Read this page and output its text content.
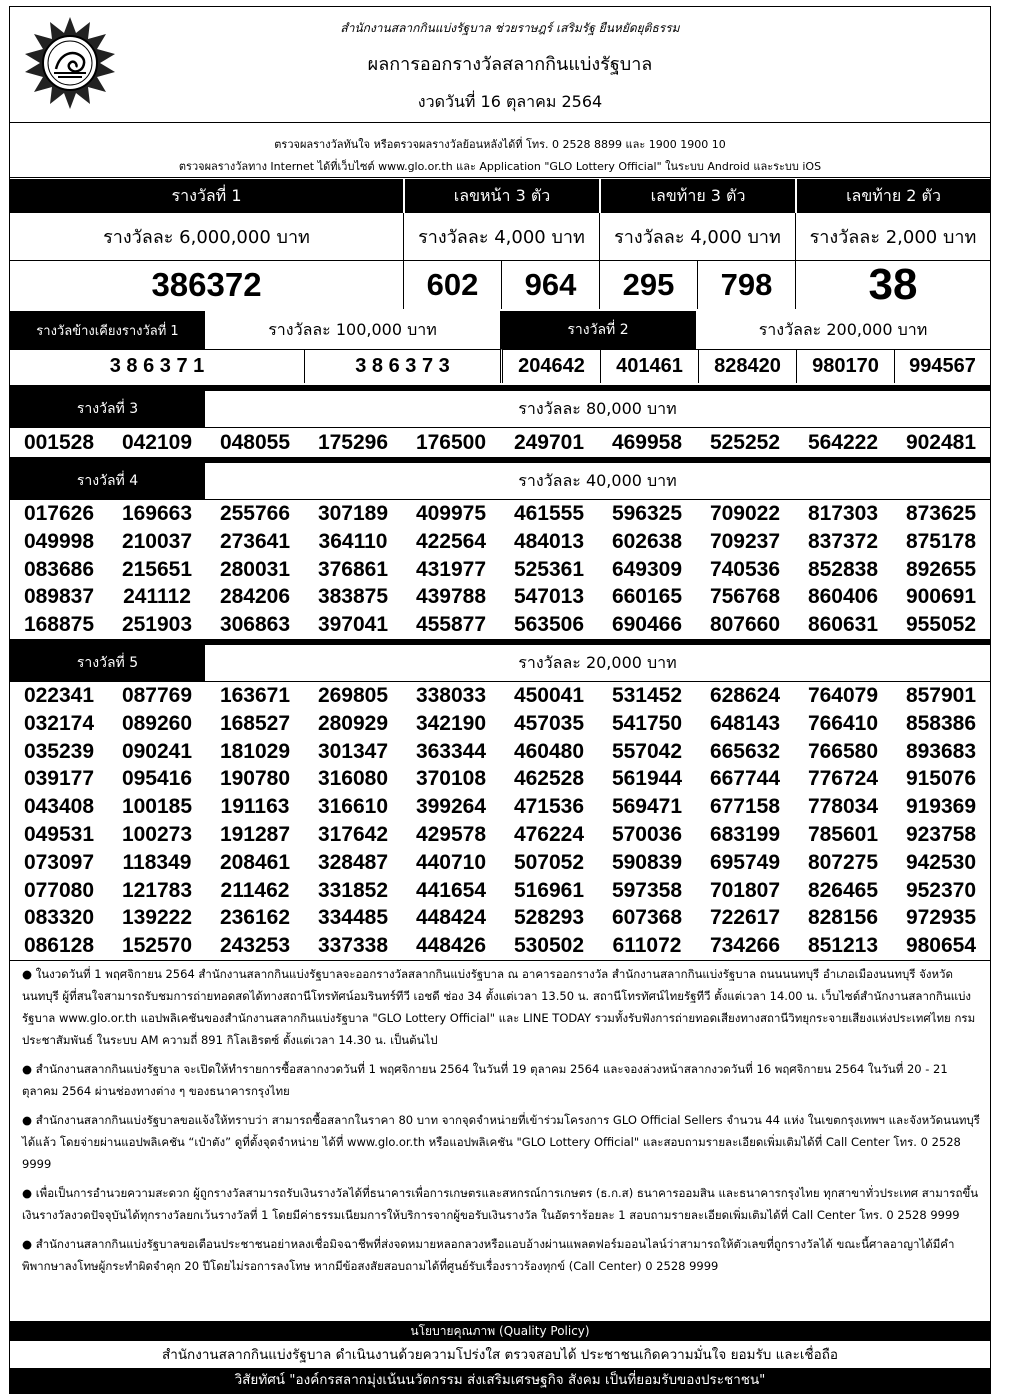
สำนักงานสลากกินแบ่งรัฐบาล ช่วยราษฎร์ เสริมรัฐ ยืนหยัดยุติธรรม
ผลการออกรางวัลสลากกินแบ่งรัฐบาล
งวดวันที่ 16 ตุลาคม 2564
ตรวจผลรางวัลทันใจ หรือตรวจผลรางวัลย้อนหลังได้ที่ โทร. 0 2528 8899 และ 1900 1900 10
ตรวจผลรางวัลทาง Internet ได้ที่เว็บไซต์ www.glo.or.th และ Application "GLO Lottery Official" ในระบบ Android และระบบ iOS
รางวัลที่ 1	เลขหน้า 3 ตัว	เลขท้าย 3 ตัว	เลขท้าย 2 ตัว
รางวัลละ 6,000,000 บาท	รางวัลละ 4,000 บาท	รางวัลละ 4,000 บาท	รางวัลละ 2,000 บาท
386372	602	964	295	798	38
รางวัลข้างเคียงรางวัลที่ 1	รางวัลละ 100,000 บาท	รางวัลที่ 2	รางวัลละ 200,000 บาท
3 8 6 3 7 1	3 8 6 3 7 3	204642	401461	828420	980170	994567
รางวัลที่ 3	รางวัลละ 80,000 บาท
001528	042109	048055	175296	176500	249701	469958	525252	564222	902481
รางวัลที่ 4	รางวัลละ 40,000 บาท
017626	169663	255766	307189	409975	461555	596325	709022	817303	873625
049998	210037	273641	364110	422564	484013	602638	709237	837372	875178
083686	215651	280031	376861	431977	525361	649309	740536	852838	892655
089837	241112	284206	383875	439788	547013	660165	756768	860406	900691
168875	251903	306863	397041	455877	563506	690466	807660	860631	955052
รางวัลที่ 5	รางวัลละ 20,000 บาท
022341	087769	163671	269805	338033	450041	531452	628624	764079	857901
032174	089260	168527	280929	342190	457035	541750	648143	766410	858386
035239	090241	181029	301347	363344	460480	557042	665632	766580	893683
039177	095416	190780	316080	370108	462528	561944	667744	776724	915076
043408	100185	191163	316610	399264	471536	569471	677158	778034	919369
049531	100273	191287	317642	429578	476224	570036	683199	785601	923758
073097	118349	208461	328487	440710	507052	590839	695749	807275	942530
077080	121783	211462	331852	441654	516961	597358	701807	826465	952370
083320	139222	236162	334485	448424	528293	607368	722617	828156	972935
086128	152570	243253	337338	448426	530502	611072	734266	851213	980654

● ในงวดวันที่ 1 พฤศจิกายน 2564 สำนักงานสลากกินแบ่งรัฐบาลจะออกรางวัลสลากกินแบ่งรัฐบาล ณ อาคารออกรางวัล สำนักงานสลากกินแบ่งรัฐบาล ถนนนนทบุรี อำเภอเมืองนนทบุรี จังหวัดนนทบุรี ผู้ที่สนใจสามารถรับชมการถ่ายทอดสดได้ทางสถานีโทรทัศน์อมรินทร์ทีวี เอชดี ช่อง 34 ตั้งแต่เวลา 13.50 น. สถานีโทรทัศน์ไทยรัฐทีวี ตั้งแต่เวลา 14.00 น. เว็บไซต์สำนักงานสลากกินแบ่งรัฐบาล www.glo.or.th แอปพลิเคชันของสำนักงานสลากกินแบ่งรัฐบาล "GLO Lottery Official" และ LINE TODAY รวมทั้งรับฟังการถ่ายทอดเสียงทางสถานีวิทยุกระจายเสียงแห่งประเทศไทย กรมประชาสัมพันธ์ ในระบบ AM ความถี่ 891 กิโลเฮิรตซ์ ตั้งแต่เวลา 14.30 น. เป็นต้นไป

● สำนักงานสลากกินแบ่งรัฐบาล จะเปิดให้ทำรายการซื้อสลากงวดวันที่ 1 พฤศจิกายน 2564 ในวันที่ 19 ตุลาคม 2564 และจองล่วงหน้าสลากงวดวันที่ 16 พฤศจิกายน 2564 ในวันที่ 20 - 21 ตุลาคม 2564 ผ่านช่องทางต่าง ๆ ของธนาคารกรุงไทย

● สำนักงานสลากกินแบ่งรัฐบาลขอแจ้งให้ทราบว่า สามารถซื้อสลากในราคา 80 บาท จากจุดจำหน่ายที่เข้าร่วมโครงการ GLO Official Sellers จำนวน 44 แห่ง ในเขตกรุงเทพฯ และจังหวัดนนทบุรีได้แล้ว โดยจ่ายผ่านแอปพลิเคชัน “เป๋าตัง” ดูที่ตั้งจุดจำหน่าย ได้ที่ www.glo.or.th หรือแอปพลิเคชัน "GLO Lottery Official" และสอบถามรายละเอียดเพิ่มเติมได้ที่ Call Center โทร. 0 2528 9999

● เพื่อเป็นการอำนวยความสะดวก ผู้ถูกรางวัลสามารถรับเงินรางวัลได้ที่ธนาคารเพื่อการเกษตรและสหกรณ์การเกษตร (ธ.ก.ส) ธนาคารออมสิน และธนาคารกรุงไทย ทุกสาขาทั่วประเทศ สามารถขึ้นเงินรางวัลงวดปัจจุบันได้ทุกรางวัลยกเว้นรางวัลที่ 1 โดยมีค่าธรรมเนียมการให้บริการจากผู้ขอรับเงินรางวัล ในอัตราร้อยละ 1 สอบถามรายละเอียดเพิ่มเติมได้ที่ Call Center โทร. 0 2528 9999

● สำนักงานสลากกินแบ่งรัฐบาลขอเตือนประชาชนอย่าหลงเชื่อมิจฉาชีพที่ส่งจดหมายหลอกลวงหรือแอบอ้างผ่านแพลตฟอร์มออนไลน์ว่าสามารถให้ตัวเลขที่ถูกรางวัลได้ ขณะนี้ศาลอาญาได้มีคำพิพากษาลงโทษผู้กระทำผิดจำคุก 20 ปีโดยไม่รอการลงโทษ หากมีข้อสงสัยสอบถามได้ที่ศูนย์รับเรื่องราวร้องทุกข์ (Call Center) 0 2528 9999

นโยบายคุณภาพ (Quality Policy)
สำนักงานสลากกินแบ่งรัฐบาล ดำเนินงานด้วยความโปร่งใส ตรวจสอบได้ ประชาชนเกิดความมั่นใจ ยอมรับ และเชื่อถือ
วิสัยทัศน์ "องค์กรสลากมุ่งเน้นนวัตกรรม ส่งเสริมเศรษฐกิจ สังคม เป็นที่ยอมรับของประชาชน"
